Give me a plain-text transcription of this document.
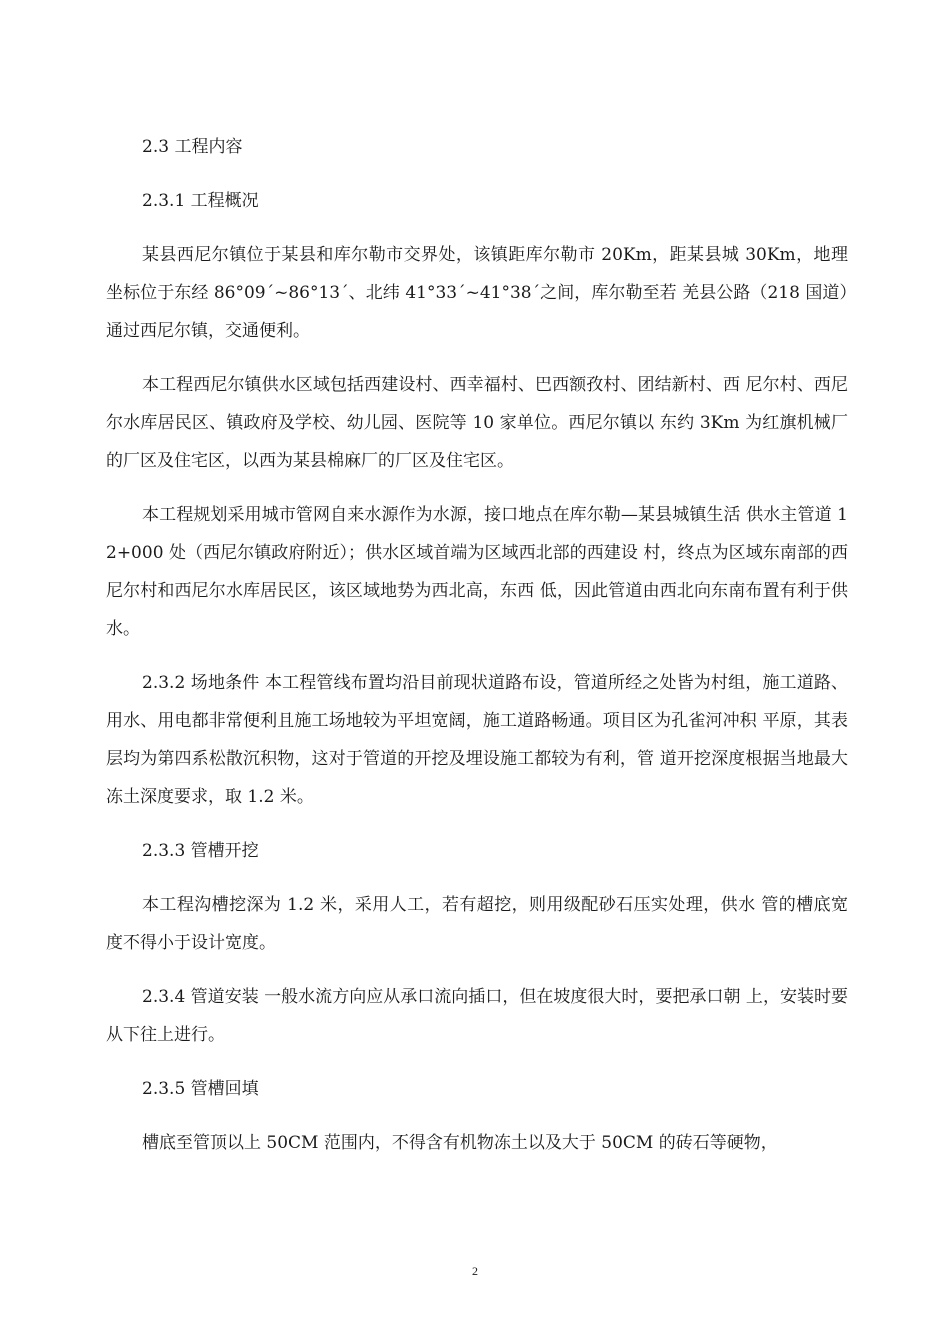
2.3 工程内容
2.3.1 工程概况

某县西尼尔镇位于某县和库尔勒市交界处，该镇距库尔勒市 20Km，距某县城 30Km，地理坐标位于东经 86°09´~86°13´、北纬 41°33´~41°38´之间，库尔勒至若 羌县公路（218 国道）通过西尼尔镇，交通便利。

本工程西尼尔镇供水区域包括西建设村、西幸福村、巴西额孜村、团结新村、西 尼尔村、西尼尔水库居民区、镇政府及学校、幼儿园、医院等 10 家单位。西尼尔镇以 东约 3Km 为红旗机械厂的厂区及住宅区，以西为某县棉麻厂的厂区及住宅区。

本工程规划采用城市管网自来水源作为水源，接口地点在库尔勒—某县城镇生活 供水主管道 12+000 处（西尼尔镇政府附近）；供水区域首端为区域西北部的西建设 村，终点为区域东南部的西尼尔村和西尼尔水库居民区，该区域地势为西北高，东西 低，因此管道由西北向东南布置有利于供水。

2.3.2 场地条件 本工程管线布置均沿目前现状道路布设，管道所经之处皆为村组，施工道路、用水、用电都非常便利且施工场地较为平坦宽阔，施工道路畅通。项目区为孔雀河冲积 平原，其表层均为第四系松散沉积物，这对于管道的开挖及埋设施工都较为有利，管 道开挖深度根据当地最大冻土深度要求，取 1.2 米。

2.3.3 管槽开挖

本工程沟槽挖深为 1.2 米，采用人工，若有超挖，则用级配砂石压实处理，供水 管的槽底宽度不得小于设计宽度。

2.3.4 管道安装 一般水流方向应从承口流向插口，但在坡度很大时，要把承口朝 上，安装时要从下往上进行。

2.3.5 管槽回填

槽底至管顶以上 50CM 范围内，不得含有机物冻土以及大于 50CM 的砖石等硬物，

2
